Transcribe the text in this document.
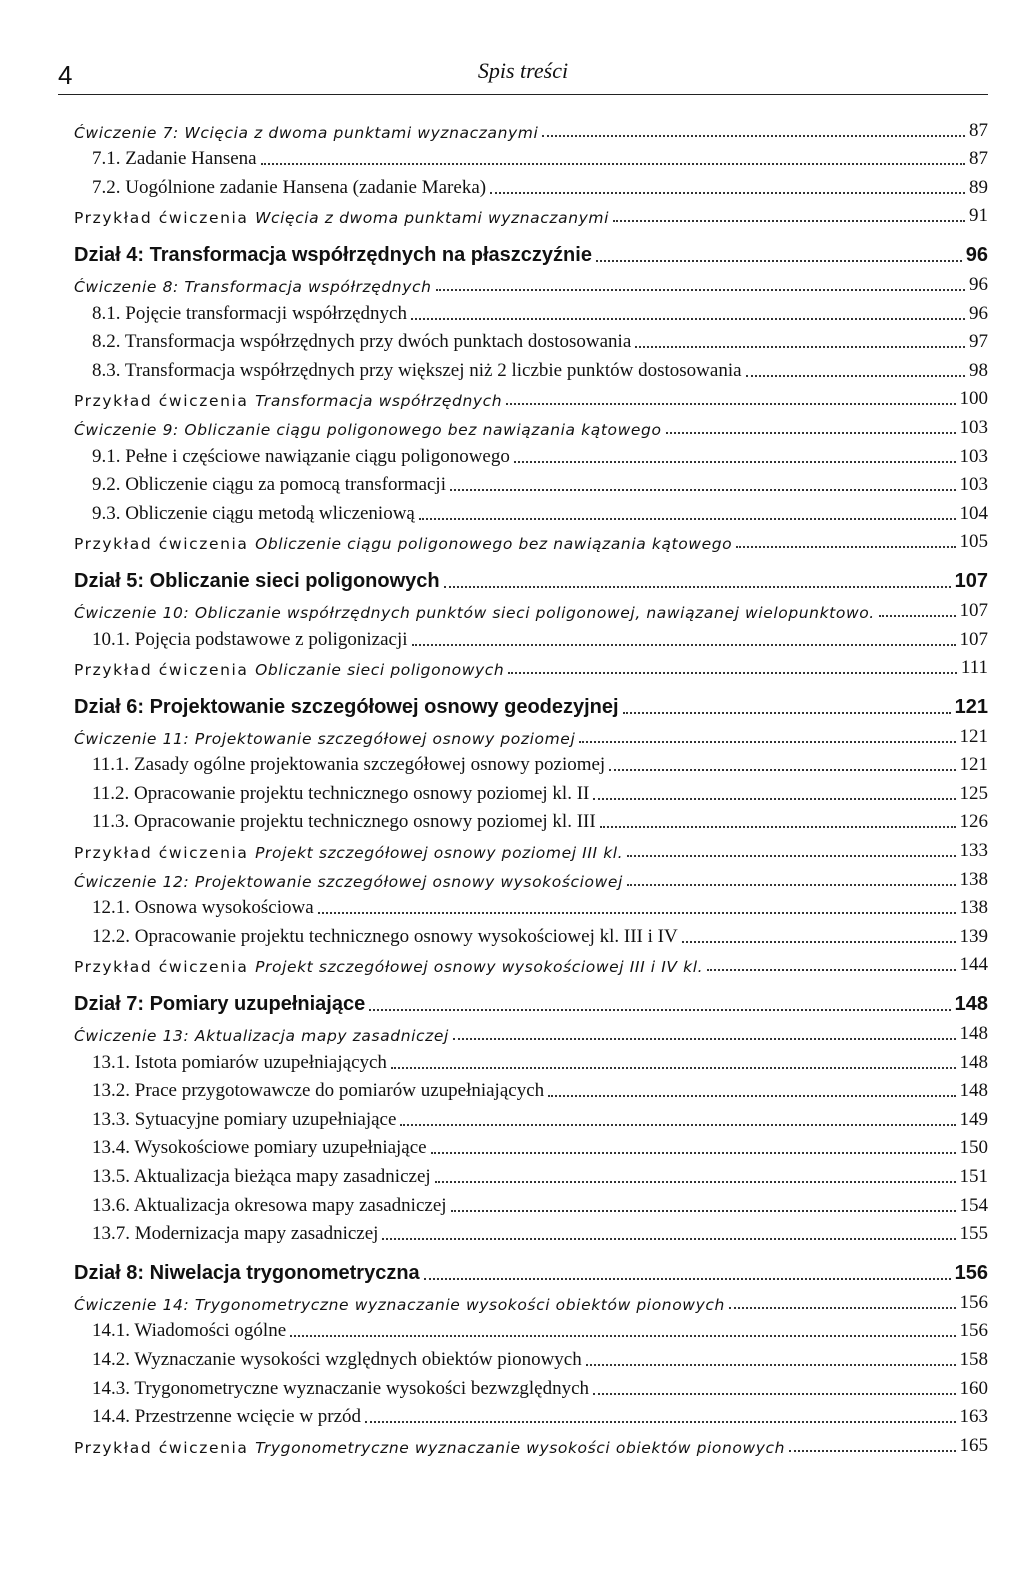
4	Spis treści
Ćwiczenie 7: Wcięcia z dwoma punktami wyznaczanymi	87
7.1. Zadanie Hansena	87
7.2. Uogólnione zadanie Hansena (zadanie Mareka)	89
Przykład ćwiczenia Wcięcia z dwoma punktami wyznaczanymi	91
Dział 4: Transformacja współrzędnych na płaszczyźnie	96
Ćwiczenie 8: Transformacja współrzędnych	96
8.1. Pojęcie transformacji współrzędnych	96
8.2. Transformacja współrzędnych przy dwóch punktach dostosowania	97
8.3. Transformacja współrzędnych przy większej niż 2 liczbie punktów dostosowania	98
Przykład ćwiczenia Transformacja współrzędnych	100
Ćwiczenie 9: Obliczanie ciągu poligonowego bez nawiązania kątowego	103
9.1. Pełne i częściowe nawiązanie ciągu poligonowego	103
9.2. Obliczenie ciągu za pomocą transformacji	103
9.3. Obliczenie ciągu metodą wliczeniową	104
Przykład ćwiczenia Obliczenie ciągu poligonowego bez nawiązania kątowego	105
Dział 5: Obliczanie sieci poligonowych	107
Ćwiczenie 10: Obliczanie współrzędnych punktów sieci poligonowej, nawiązanej wielopunktowo.	107
10.1. Pojęcia podstawowe z poligonizacji	107
Przykład ćwiczenia Obliczanie sieci poligonowych	111
Dział 6: Projektowanie szczegółowej osnowy geodezyjnej	121
Ćwiczenie 11: Projektowanie szczegółowej osnowy poziomej	121
11.1. Zasady ogólne projektowania szczegółowej osnowy poziomej	121
11.2. Opracowanie projektu technicznego osnowy poziomej kl. II	125
11.3. Opracowanie projektu technicznego osnowy poziomej kl. III	126
Przykład ćwiczenia Projekt szczegółowej osnowy poziomej III kl.	133
Ćwiczenie 12: Projektowanie szczegółowej osnowy wysokościowej	138
12.1. Osnowa wysokościowa	138
12.2. Opracowanie projektu technicznego osnowy wysokościowej kl. III i IV	139
Przykład ćwiczenia Projekt szczegółowej osnowy wysokościowej III i IV kl.	144
Dział 7: Pomiary uzupełniające	148
Ćwiczenie 13: Aktualizacja mapy zasadniczej	148
13.1. Istota pomiarów uzupełniających	148
13.2. Prace przygotowawcze do pomiarów uzupełniających	148
13.3. Sytuacyjne pomiary uzupełniające	149
13.4. Wysokościowe pomiary uzupełniające	150
13.5. Aktualizacja bieżąca mapy zasadniczej	151
13.6. Aktualizacja okresowa mapy zasadniczej	154
13.7. Modernizacja mapy zasadniczej	155
Dział 8: Niwelacja trygonometryczna	156
Ćwiczenie 14: Trygonometryczne wyznaczanie wysokości obiektów pionowych	156
14.1. Wiadomości ogólne	156
14.2. Wyznaczanie wysokości względnych obiektów pionowych	158
14.3. Trygonometryczne wyznaczanie wysokości bezwzględnych	160
14.4. Przestrzenne wcięcie w przód	163
Przykład ćwiczenia Trygonometryczne wyznaczanie wysokości obiektów pionowych	165
